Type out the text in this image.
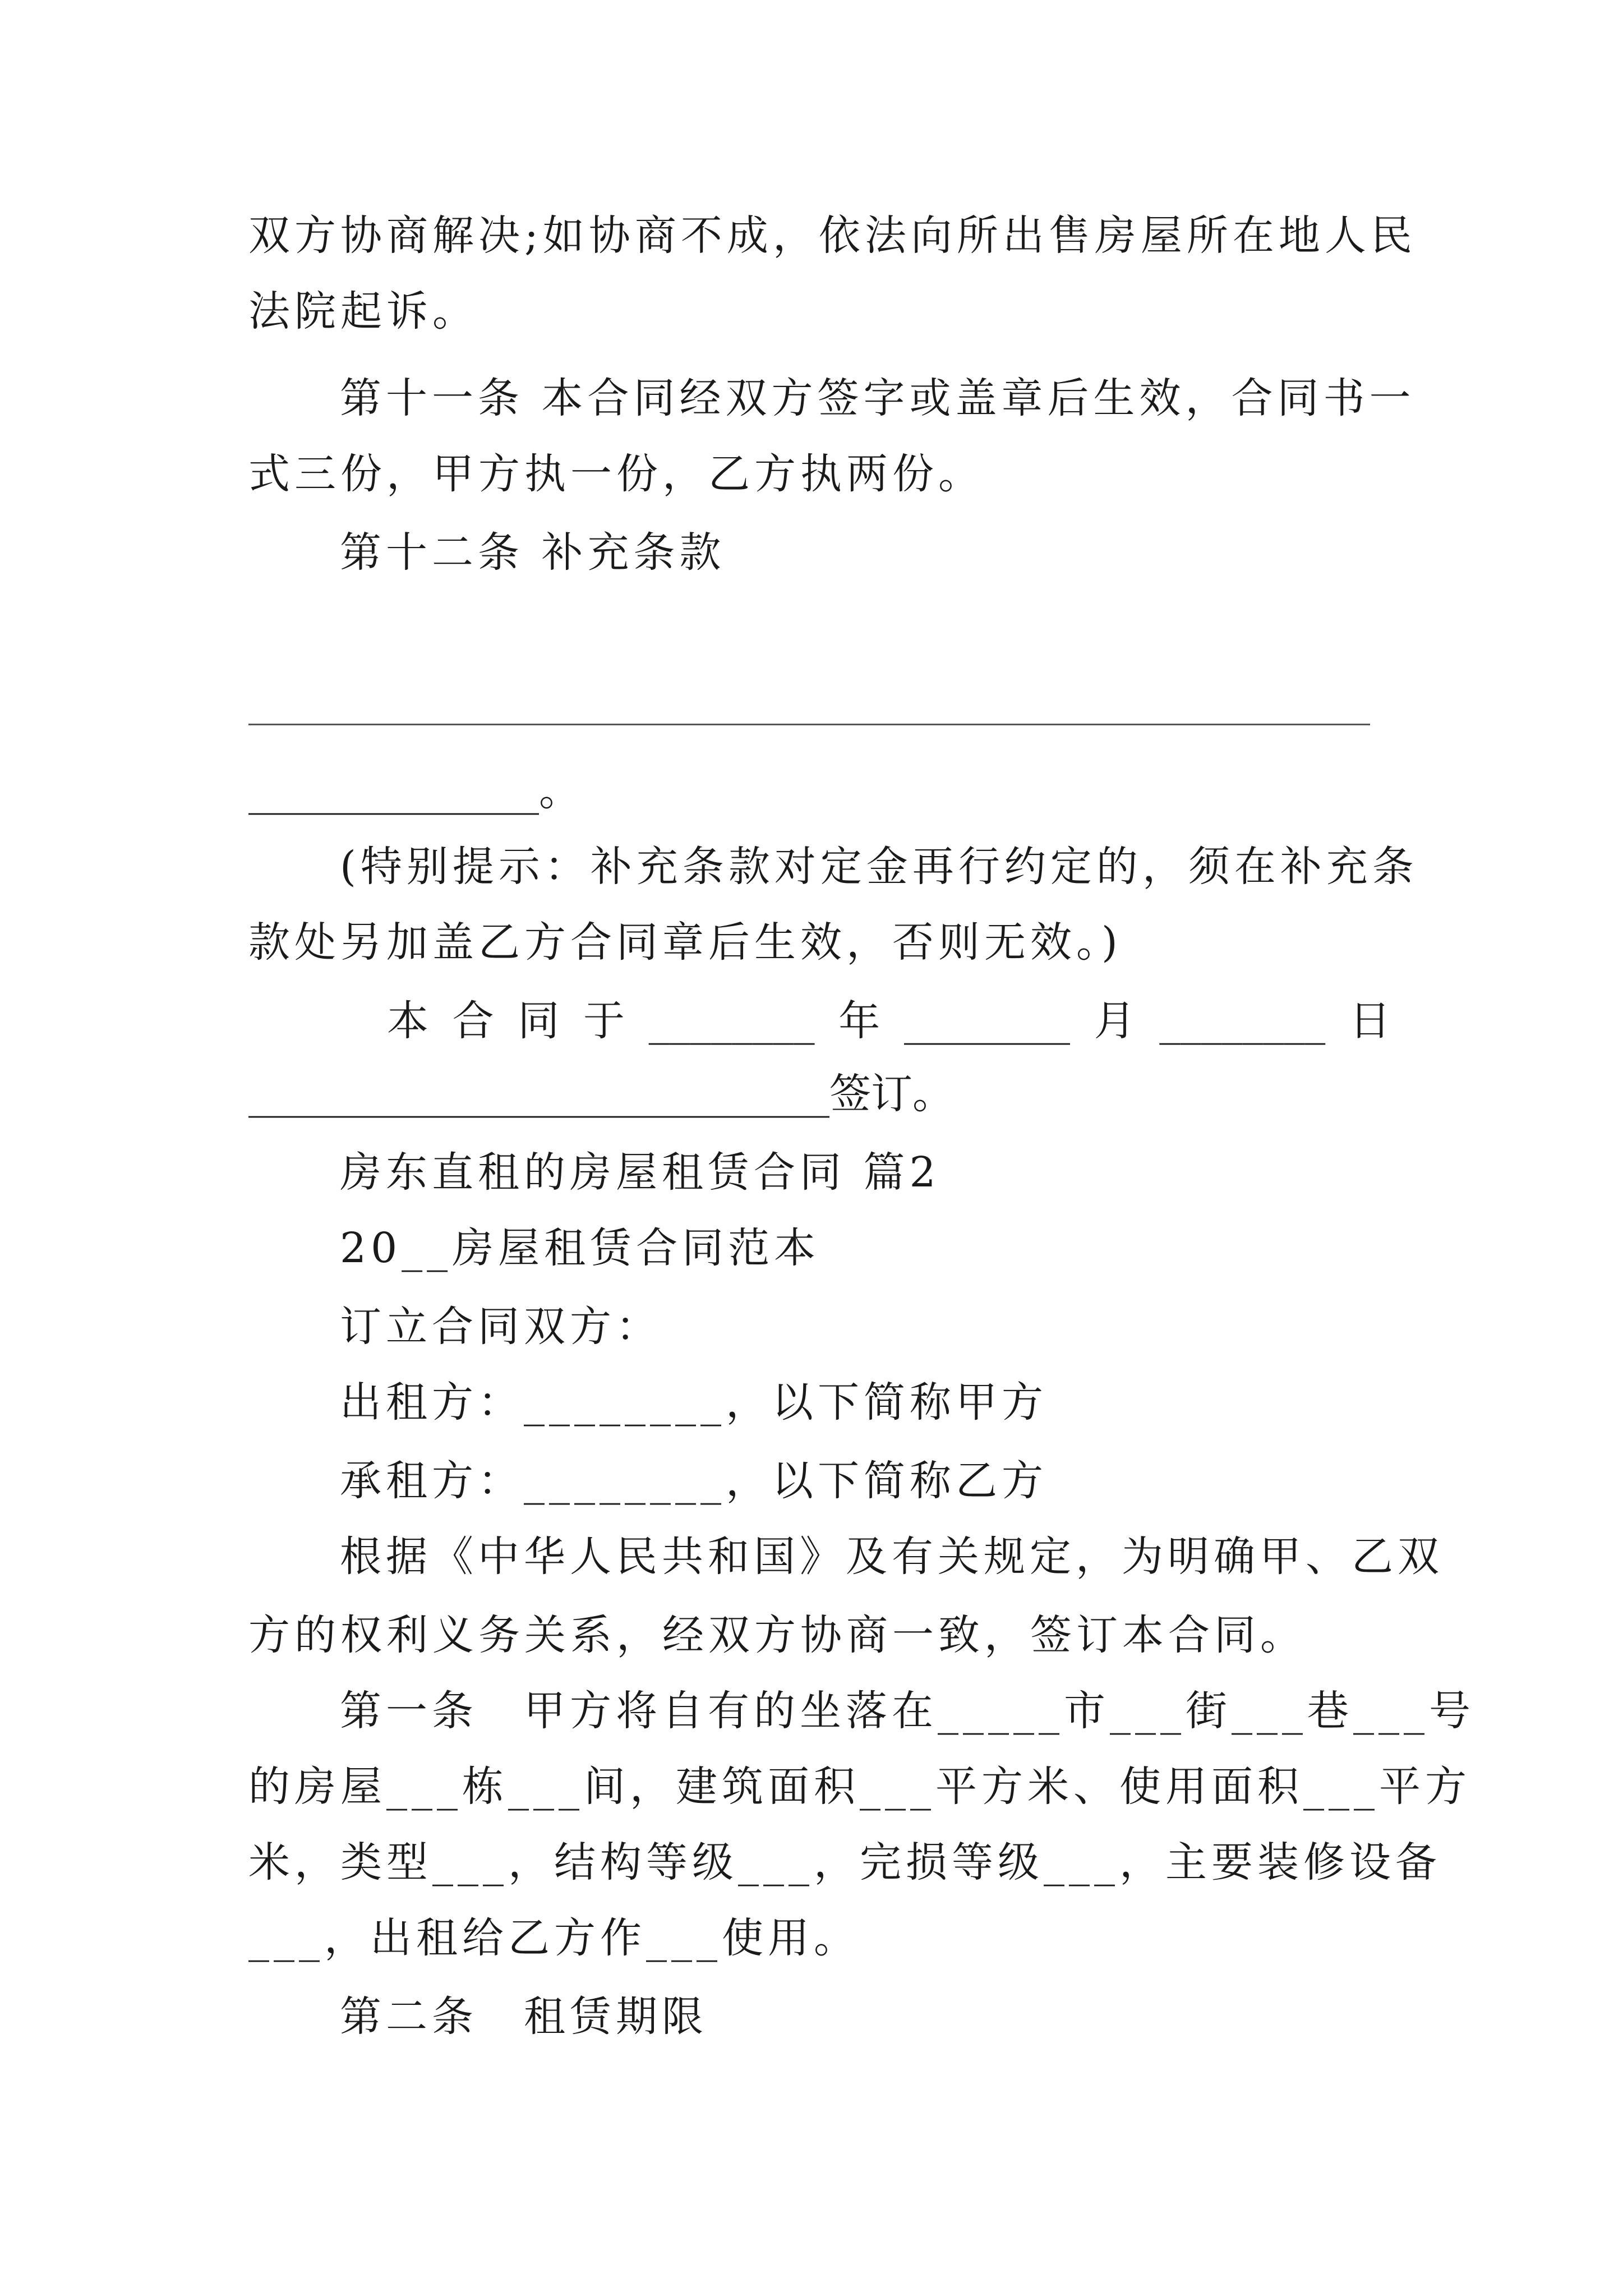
双方协商解决;如协商不成，依法向所出售房屋所在地人民
法院起诉。
第十一条 本合同经双方签字或盖章后生效，合同书一
式三份，甲方执一份，乙方执两份。
第十二条 补充条款
______________。
(特别提示：补充条款对定金再行约定的，须在补充条
款处另加盖乙方合同章后生效，否则无效。)
本 合 同 于 ________ 年 ________ 月 ________ 日
____________________________签订。
房东直租的房屋租赁合同 篇2
20__房屋租赁合同范本
订立合同双方：
出租方：________，以下简称甲方
承租方：________，以下简称乙方
根据《中华人民共和国》及有关规定，为明确甲、乙双
方的权利义务关系，经双方协商一致，签订本合同。
第一条　甲方将自有的坐落在_____市___街___巷___号
的房屋___栋___间，建筑面积___平方米、使用面积___平方
米，类型___，结构等级___，完损等级___，主要装修设备
___，出租给乙方作___使用。
第二条　租赁期限
